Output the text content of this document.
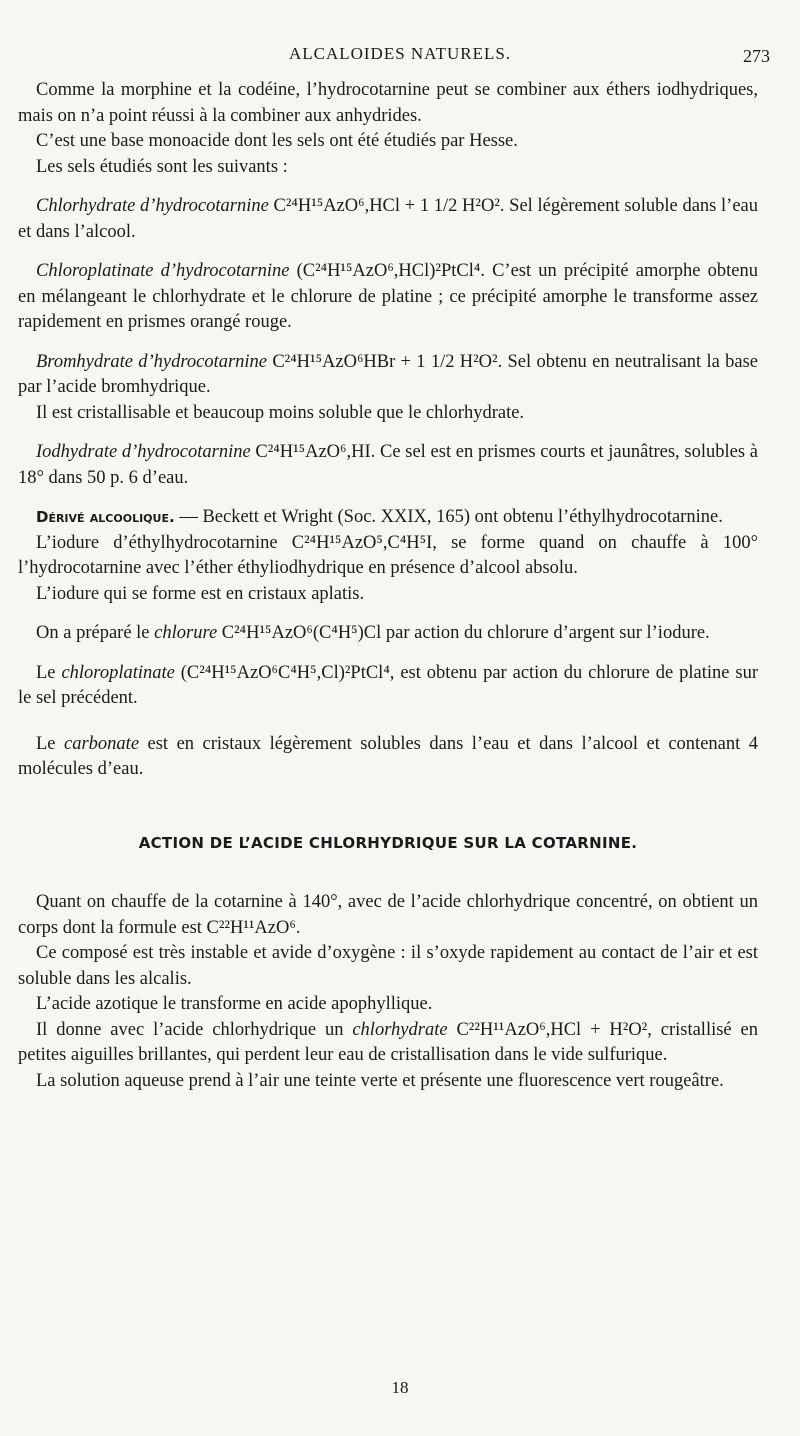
ALCALOIDES NATURELS.	273

Comme la morphine et la codéine, l’hydrocotarnine peut se combiner aux éthers iodhydriques, mais on n’a point réussi à la combiner aux anhydrides.

C’est une base monoacide dont les sels ont été étudiés par Hesse.

Les sels étudiés sont les suivants :

Chlorhydrate d’hydrocotarnine C²⁴H¹⁵AzO⁶,HCl + 1 1/2 H²O². Sel légèrement soluble dans l’eau et dans l’alcool.

Chloroplatinate d’hydrocotarnine (C²⁴H¹⁵AzO⁶,HCl)²PtCl⁴. C’est un précipité amorphe obtenu en mélangeant le chlorhydrate et le chlorure de platine ; ce précipité amorphe le transforme assez rapidement en prismes orangé rouge.

Bromhydrate d’hydrocotarnine C²⁴H¹⁵AzO⁶HBr + 1 1/2 H²O². Sel obtenu en neutralisant la base par l’acide bromhydrique.

Il est cristallisable et beaucoup moins soluble que le chlorhydrate.

Iodhydrate d’hydrocotarnine C²⁴H¹⁵AzO⁶,HI. Ce sel est en prismes courts et jaunâtres, solubles à 18° dans 50 p. 6 d’eau.

Dérivé alcoolique. — Beckett et Wright (Soc. XXIX, 165) ont obtenu l’éthylhydrocotarnine.

L’iodure d’éthylhydrocotarnine C²⁴H¹⁵AzO⁵,C⁴H⁵I, se forme quand on chauffe à 100° l’hydrocotarnine avec l’éther éthyliodhydrique en présence d’alcool absolu.

L’iodure qui se forme est en cristaux aplatis.

On a préparé le chlorure C²⁴H¹⁵AzO⁶(C⁴H⁵)Cl par action du chlorure d’argent sur l’iodure.

Le chloroplatinate (C²⁴H¹⁵AzO⁶C⁴H⁵,Cl)²PtCl⁴, est obtenu par action du chlorure de platine sur le sel précédent.

Le carbonate est en cristaux légèrement solubles dans l’eau et dans l’alcool et contenant 4 molécules d’eau.

ACTION DE L’ACIDE CHLORHYDRIQUE SUR LA COTARNINE.

Quant on chauffe de la cotarnine à 140°, avec de l’acide chlorhydrique concentré, on obtient un corps dont la formule est C²²H¹¹AzO⁶.

Ce composé est très instable et avide d’oxygène : il s’oxyde rapidement au contact de l’air et est soluble dans les alcalis.

L’acide azotique le transforme en acide apophyllique.

Il donne avec l’acide chlorhydrique un chlorhydrate C²²H¹¹AzO⁶,HCl + H²O², cristallisé en petites aiguilles brillantes, qui perdent leur eau de cristallisation dans le vide sulfurique.

La solution aqueuse prend à l’air une teinte verte et présente une fluorescence vert rougeâtre.

18
